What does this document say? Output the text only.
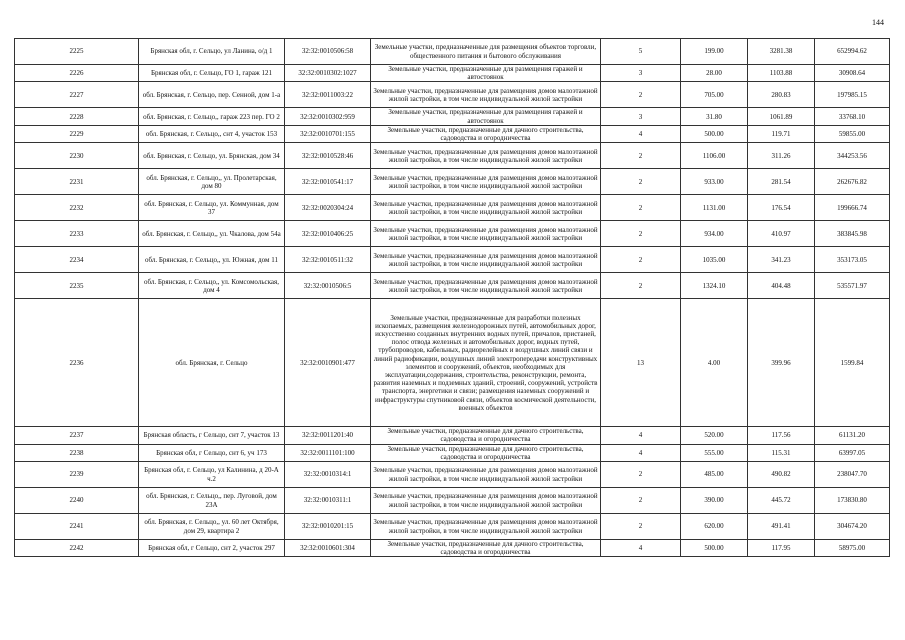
144
2225	Брянская обл, г. Сельцо, ул Ланина, о/д 1	32:32:0010506:58	Земельные участки, предназначенные для размещения объектов торговли, общественного питания и бытового обслуживания	5	199.00	3281.38	652994.62
2226	Брянская обл, г. Сельцо, ГО 1, гараж 121	32:32:0010302:1027	Земельные участки, предназначенные для размещения гаражей и автостоянок	3	28.00	1103.88	30908.64
2227	обл. Брянская, г. Сельцо, пер. Сенной, дом 1-а	32:32:0011003:22	Земельные участки, предназначенные для размещения домов малоэтажной жилой застройки, в том числе индивидуальной жилой застройки	2	705.00	280.83	197985.15
2228	обл. Брянская, г. Сельцо,, гараж 223 пер. ГО 2	32:32:0010302:959	Земельные участки, предназначенные для размещения гаражей и автостоянок	3	31.80	1061.89	33768.10
2229	обл. Брянская, г. Сельцо,, снт 4, участок 153	32:32:0010701:155	Земельные участки, предназначенные для дачного строительства, садоводства и огородничества	4	500.00	119.71	59855.00
2230	обл. Брянская, г. Сельцо, ул. Брянская, дом 34	32:32:0010528:46	Земельные участки, предназначенные для размещения домов малоэтажной жилой застройки, в том числе индивидуальной жилой застройки	2	1106.00	311.26	344253.56
2231	обл. Брянская, г. Сельцо,, ул. Пролетарская, дом 80	32:32:0010541:17	Земельные участки, предназначенные для размещения домов малоэтажной жилой застройки, в том числе индивидуальной жилой застройки	2	933.00	281.54	262676.82
2232	обл. Брянская, г. Сельцо, ул. Коммунная, дом 37	32:32:0020304:24	Земельные участки, предназначенные для размещения домов малоэтажной жилой застройки, в том числе индивидуальной жилой застройки	2	1131.00	176.54	199666.74
2233	обл. Брянская, г. Сельцо,, ул. Чкалова, дом 54а	32:32:0010406:25	Земельные участки, предназначенные для размещения домов малоэтажной жилой застройки, в том числе индивидуальной жилой застройки	2	934.00	410.97	383845.98
2234	обл. Брянская, г. Сельцо,, ул. Южная, дом 11	32:32:0010511:32	Земельные участки, предназначенные для размещения домов малоэтажной жилой застройки, в том числе индивидуальной жилой застройки	2	1035.00	341.23	353173.05
2235	обл. Брянская, г. Сельцо,, ул. Комсомольская, дом 4	32:32:0010506:5	Земельные участки, предназначенные для размещения домов малоэтажной жилой застройки, в том числе индивидуальной жилой застройки	2	1324.10	404.48	535571.97
2236	обл. Брянская, г. Сельцо	32:32:0010901:477	Земельные участки, предназначенные для разработки полезных ископаемых, размещения железнодорожных путей, автомобильных дорог, искусственно созданных внутренних водных путей, причалов, пристаней, полос отвода железных и автомобильных дорог, водных путей, трубопроводов, кабельных, радиорелейных и воздушных линий связи и линий радиофикации, воздушных линий электропередачи конструктивных элементов и сооружений, объектов, необходимых для эксплуатации,содержания, строительства, реконструкции, ремонта, развития наземных и подземных зданий, строений, сооружений, устройств транспорта, энергетики и связи; размещения наземных сооружений и инфраструктуры спутниковой связи, объектов космической деятельности, военных объектов	13	4.00	399.96	1599.84
2237	Брянская область, г Сельцо, снт 7, участок 13	32:32:0011201:40	Земельные участки, предназначенные для дачного строительства, садоводства и огородничества	4	520.00	117.56	61131.20
2238	Брянская обл, г Сельцо, снт 6, уч 173	32:32:0011101:100	Земельные участки, предназначенные для дачного строительства, садоводства и огородничества	4	555.00	115.31	63997.05
2239	Брянская обл, г. Сельцо, ул Калинина, д 20-А ч.2	32:32:0010314:1	Земельные участки, предназначенные для размещения домов малоэтажной жилой застройки, в том числе индивидуальной жилой застройки	2	485.00	490.82	238047.70
2240	обл. Брянская, г. Сельцо,, пер. Луговой, дом 23А	32:32:0010311:1	Земельные участки, предназначенные для размещения домов малоэтажной жилой застройки, в том числе индивидуальной жилой застройки	2	390.00	445.72	173830.80
2241	обл. Брянская, г. Сельцо,, ул. 60 лет Октября, дом 29, квартира 2	32:32:0010201:15	Земельные участки, предназначенные для размещения домов малоэтажной жилой застройки, в том числе индивидуальной жилой застройки	2	620.00	491.41	304674.20
2242	Брянская обл, г Сельцо, снт 2, участок 297	32:32:0010601:304	Земельные участки, предназначенные для дачного строительства, садоводства и огородничества	4	500.00	117.95	58975.00
